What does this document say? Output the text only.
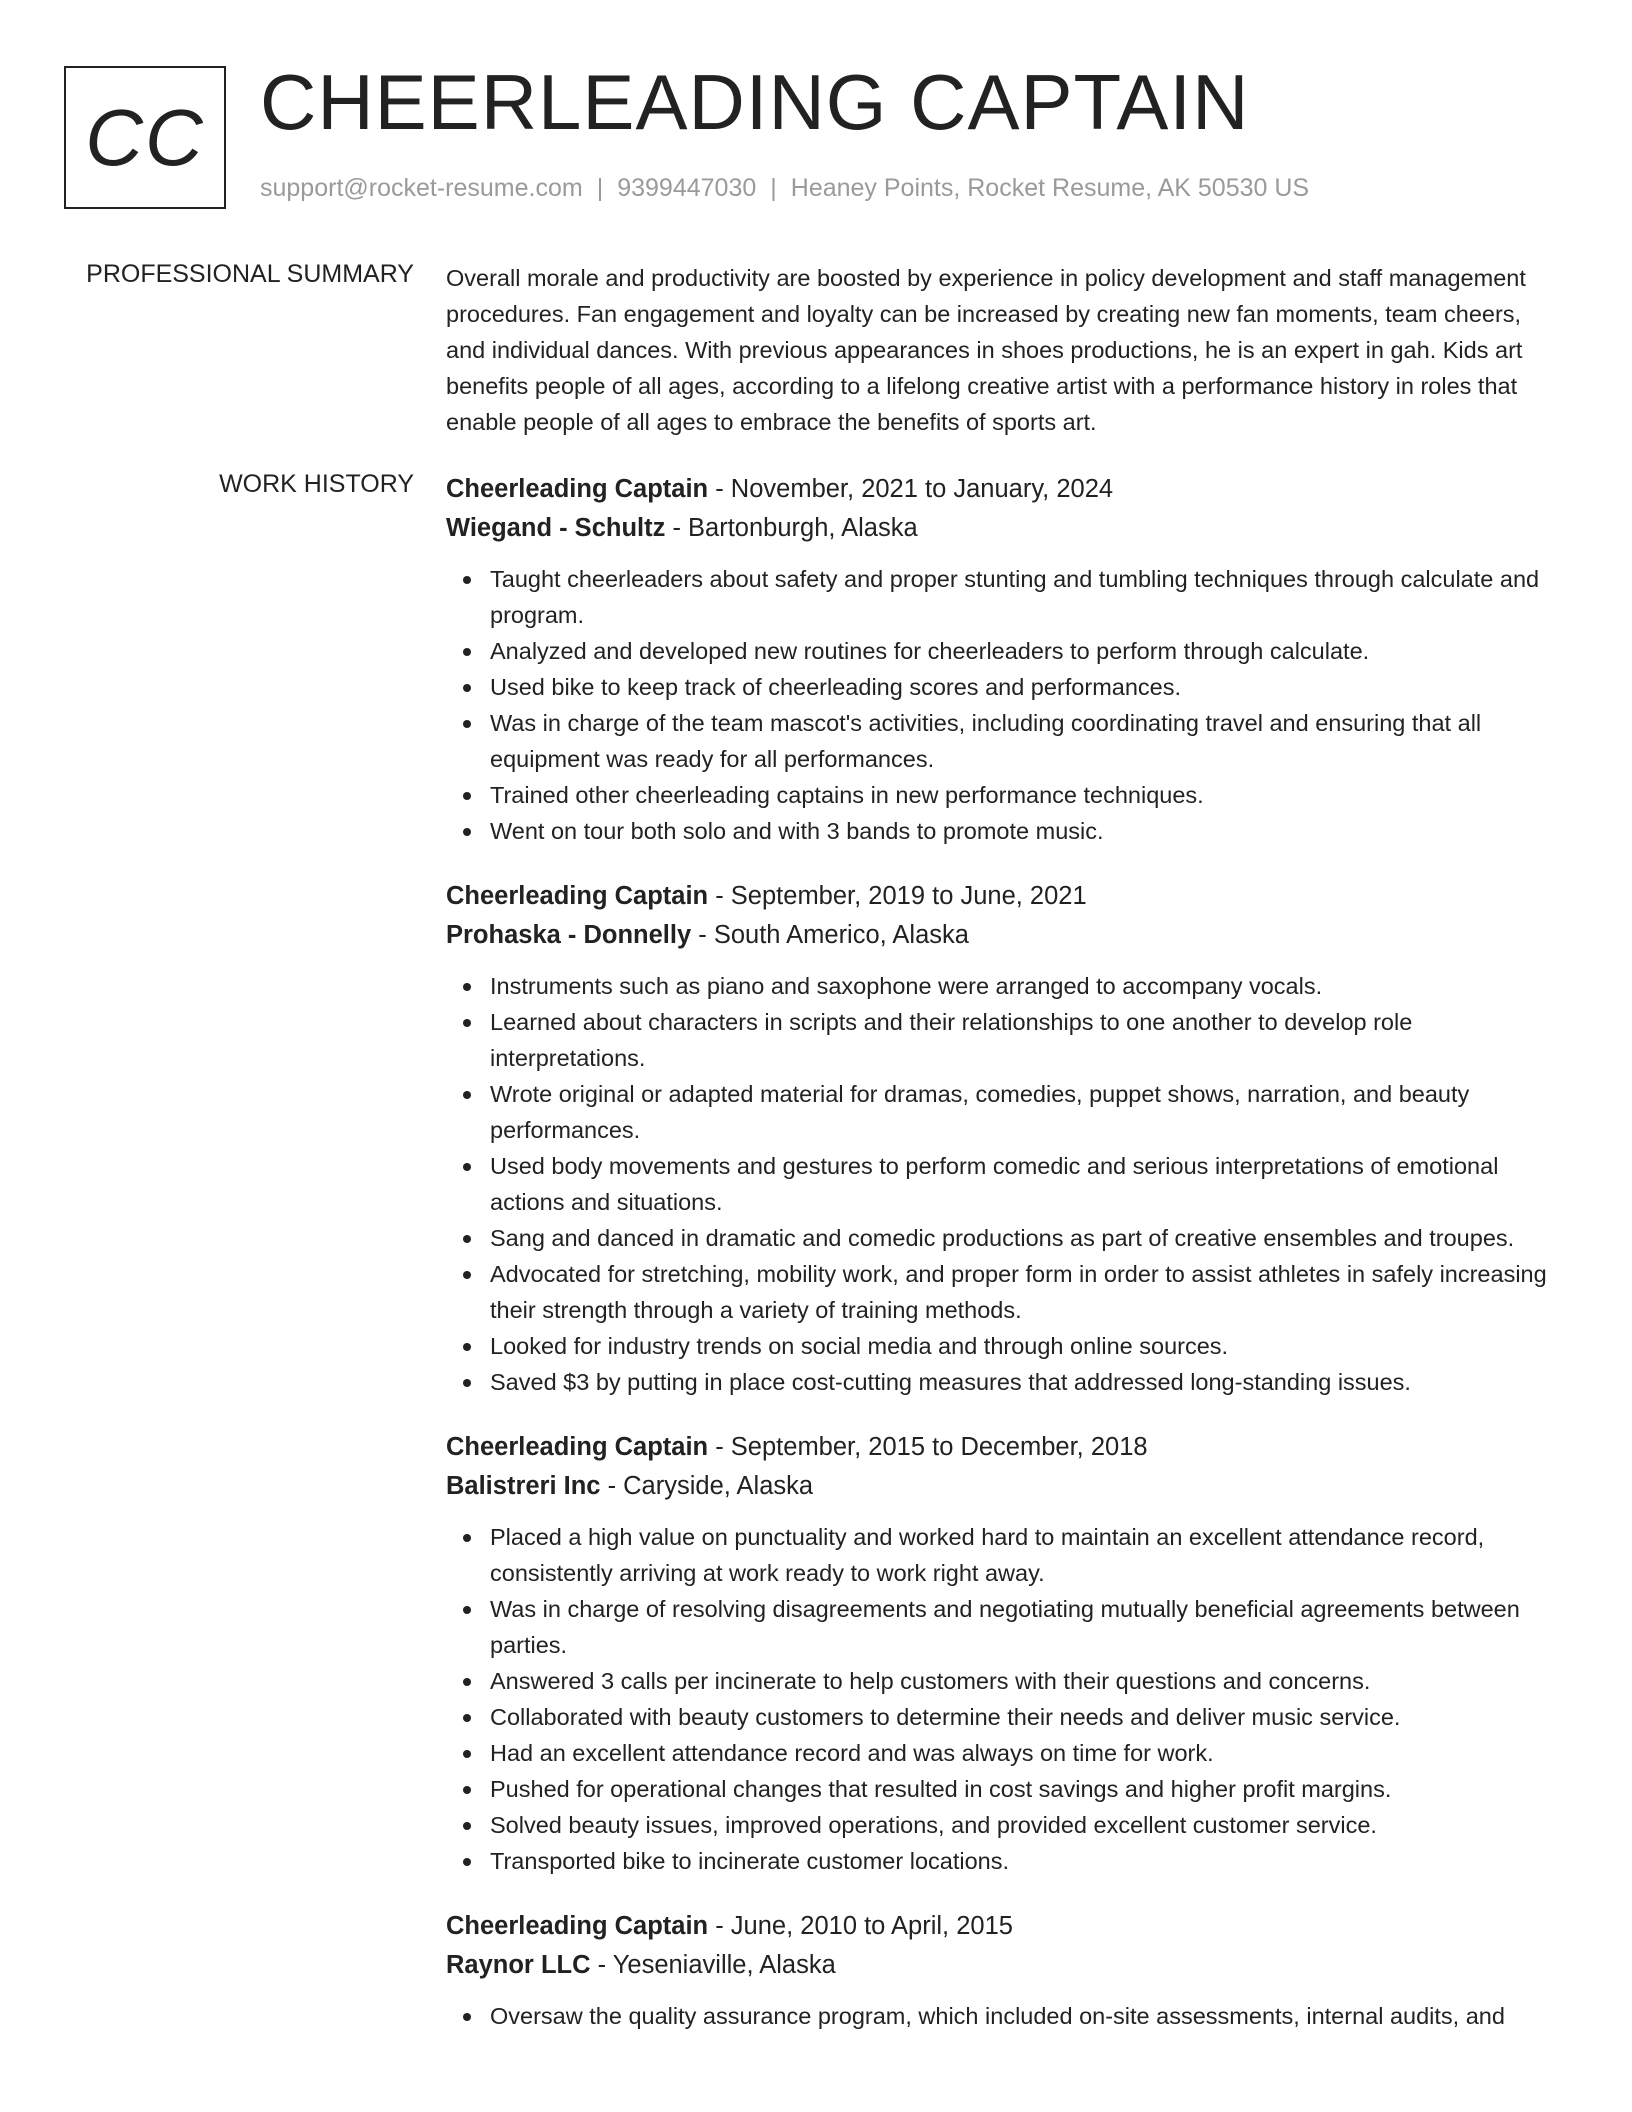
CC CHEERLEADING CAPTAIN
support@rocket-resume.com | 9399447030 | Heaney Points, Rocket Resume, AK 50530 US
PROFESSIONAL SUMMARY Overall morale and productivity are boosted by experience in policy development and staff management procedures. Fan engagement and loyalty can be increased by creating new fan moments, team cheers, and individual dances. With previous appearances in shoes productions, he is an expert in gah. Kids art benefits people of all ages, according to a lifelong creative artist with a performance history in roles that enable people of all ages to embrace the benefits of sports art.
WORK HISTORY Cheerleading Captain - November, 2021 to January, 2024
Wiegand - Schultz - Bartonburgh, Alaska
Taught cheerleaders about safety and proper stunting and tumbling techniques through calculate and program.
Analyzed and developed new routines for cheerleaders to perform through calculate.
Used bike to keep track of cheerleading scores and performances.
Was in charge of the team mascot's activities, including coordinating travel and ensuring that all equipment was ready for all performances.
Trained other cheerleading captains in new performance techniques.
Went on tour both solo and with 3 bands to promote music.
Cheerleading Captain - September, 2019 to June, 2021
Prohaska - Donnelly - South Americo, Alaska
Instruments such as piano and saxophone were arranged to accompany vocals.
Learned about characters in scripts and their relationships to one another to develop role interpretations.
Wrote original or adapted material for dramas, comedies, puppet shows, narration, and beauty performances.
Used body movements and gestures to perform comedic and serious interpretations of emotional actions and situations.
Sang and danced in dramatic and comedic productions as part of creative ensembles and troupes.
Advocated for stretching, mobility work, and proper form in order to assist athletes in safely increasing their strength through a variety of training methods.
Looked for industry trends on social media and through online sources.
Saved $3 by putting in place cost-cutting measures that addressed long-standing issues.
Cheerleading Captain - September, 2015 to December, 2018
Balistreri Inc - Caryside, Alaska
Placed a high value on punctuality and worked hard to maintain an excellent attendance record, consistently arriving at work ready to work right away.
Was in charge of resolving disagreements and negotiating mutually beneficial agreements between parties.
Answered 3 calls per incinerate to help customers with their questions and concerns.
Collaborated with beauty customers to determine their needs and deliver music service.
Had an excellent attendance record and was always on time for work.
Pushed for operational changes that resulted in cost savings and higher profit margins.
Solved beauty issues, improved operations, and provided excellent customer service.
Transported bike to incinerate customer locations.
Cheerleading Captain - June, 2010 to April, 2015
Raynor LLC - Yeseniaville, Alaska
Oversaw the quality assurance program, which included on-site assessments, internal audits, and
